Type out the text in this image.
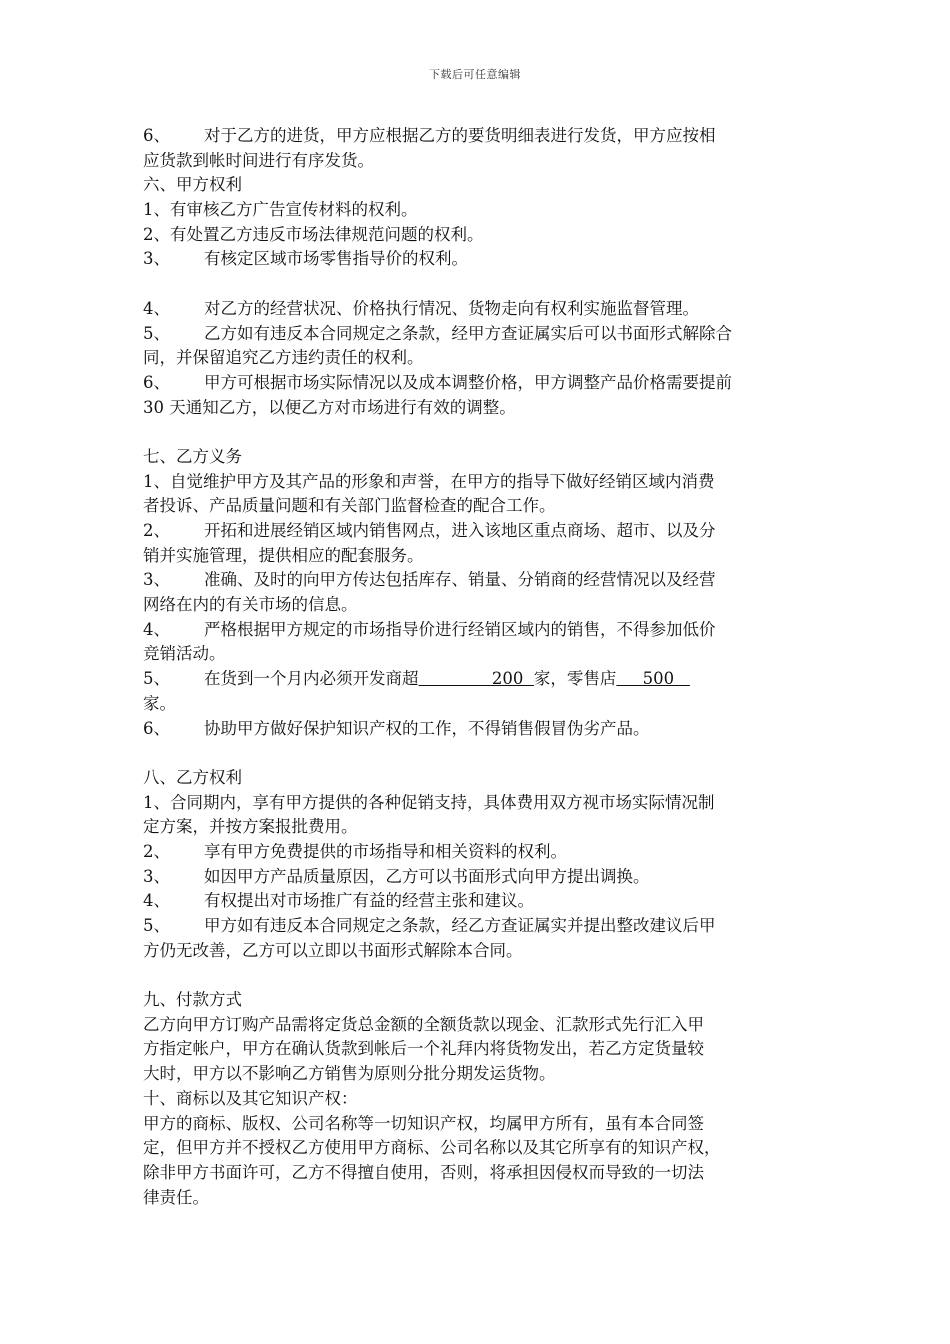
下载后可任意编辑
6、 对于乙方的进货，甲方应根据乙方的要货明细表进行发货，甲方应按相
应货款到帐时间进行有序发货。
六、甲方权利
1、有审核乙方广告宣传材料的权利。
2、有处置乙方违反市场法律规范问题的权利。
3、 有核定区域市场零售指导价的权利。
4、 对乙方的经营状况、价格执行情况、货物走向有权利实施监督管理。
5、 乙方如有违反本合同规定之条款，经甲方查证属实后可以书面形式解除合
同，并保留追究乙方违约责任的权利。
6、 甲方可根据市场实际情况以及成本调整价格，甲方调整产品价格需要提前
30 天通知乙方，以便乙方对市场进行有效的调整。
七、乙方义务
1、自觉维护甲方及其产品的形象和声誉，在甲方的指导下做好经销区域内消费
者投诉、产品质量问题和有关部门监督检查的配合工作。
2、 开拓和进展经销区域内销售网点，进入该地区重点商场、超市、以及分
销并实施管理，提供相应的配套服务。
3、 准确、及时的向甲方传达包括库存、销量、分销商的经营情况以及经营
网络在内的有关市场的信息。
4、 严格根据甲方规定的市场指导价进行经销区域内的销售，不得参加低价
竞销活动。
5、 在货到一个月内必须开发商超              200  家，零售店     500
家。
6、 协助甲方做好保护知识产权的工作，不得销售假冒伪劣产品。
八、乙方权利
1、合同期内，享有甲方提供的各种促销支持，具体费用双方视市场实际情况制
定方案，并按方案报批费用。
2、 享有甲方免费提供的市场指导和相关资料的权利。
3、 如因甲方产品质量原因，乙方可以书面形式向甲方提出调换。
4、 有权提出对市场推广有益的经营主张和建议。
5、 甲方如有违反本合同规定之条款，经乙方查证属实并提出整改建议后甲
方仍无改善，乙方可以立即以书面形式解除本合同。
九、付款方式
乙方向甲方订购产品需将定货总金额的全额货款以现金、汇款形式先行汇入甲
方指定帐户，甲方在确认货款到帐后一个礼拜内将货物发出，若乙方定货量较
大时，甲方以不影响乙方销售为原则分批分期发运货物。
十、商标以及其它知识产权：
甲方的商标、版权、公司名称等一切知识产权，均属甲方所有，虽有本合同签
定，但甲方并不授权乙方使用甲方商标、公司名称以及其它所享有的知识产权，
除非甲方书面许可，乙方不得擅自使用，否则，将承担因侵权而导致的一切法
律责任。
